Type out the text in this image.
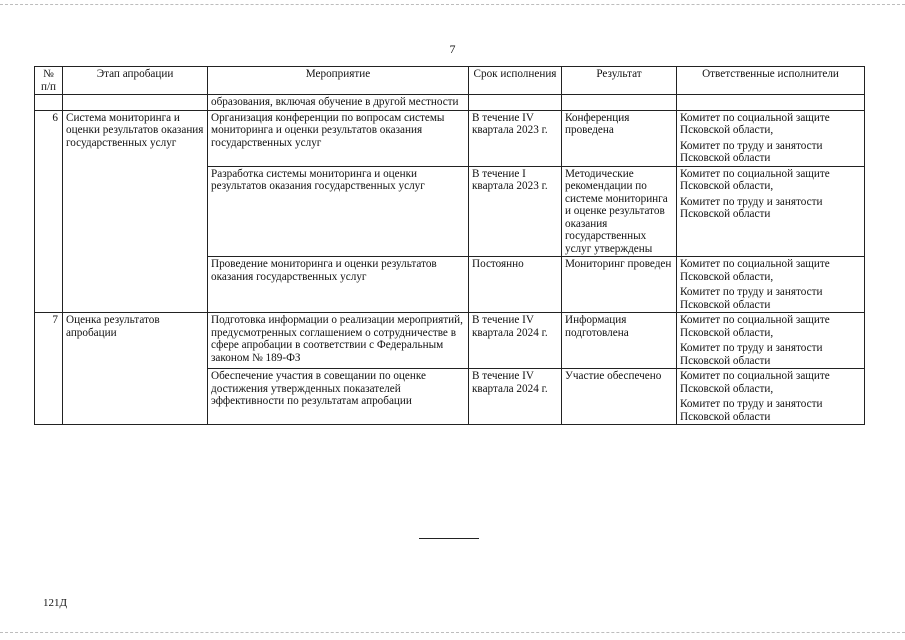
7
№ п/п	Этап апробации	Мероприятие	Срок исполнения	Результат	Ответственные исполнители
		образования, включая обучение в другой местности			
6	Система мониторинга и оценки результатов оказания государственных услуг	Организация конференции по вопросам системы мониторинга и оценки результатов оказания государственных услуг	В течение IV квартала 2023 г.	Конференция проведена	Комитет по социальной защите Псковской области,

Комитет по труду и занятости Псковской области

		Разработка системы мониторинга и оценки результатов оказания государственных услуг	В течение I квартала 2023 г.	Методические рекомендации по системе мониторинга и оценке результатов оказания государственных услуг утверждены	Комитет по социальной защите Псковской области,

Комитет по труду и занятости Псковской области

		Проведение мониторинга и оценки результатов оказания государственных услуг	Постоянно	Мониторинг проведен	Комитет по социальной защите Псковской области,

Комитет по труду и занятости Псковской области

7	Оценка результатов апробации	Подготовка информации о реализации мероприятий, предусмотренных соглашением о сотрудничестве в сфере апробации в соответствии с Федеральным законом № 189-ФЗ	В течение IV квартала 2024 г.	Информация подготовлена	Комитет по социальной защите Псковской области,

Комитет по труду и занятости Псковской области

		Обеспечение участия в совещании по оценке достижения утвержденных показателей эффективности по результатам апробации	В течение IV квартала 2024 г.	Участие обеспечено	Комитет по социальной защите Псковской области,

Комитет по труду и занятости Псковской области

121Д
